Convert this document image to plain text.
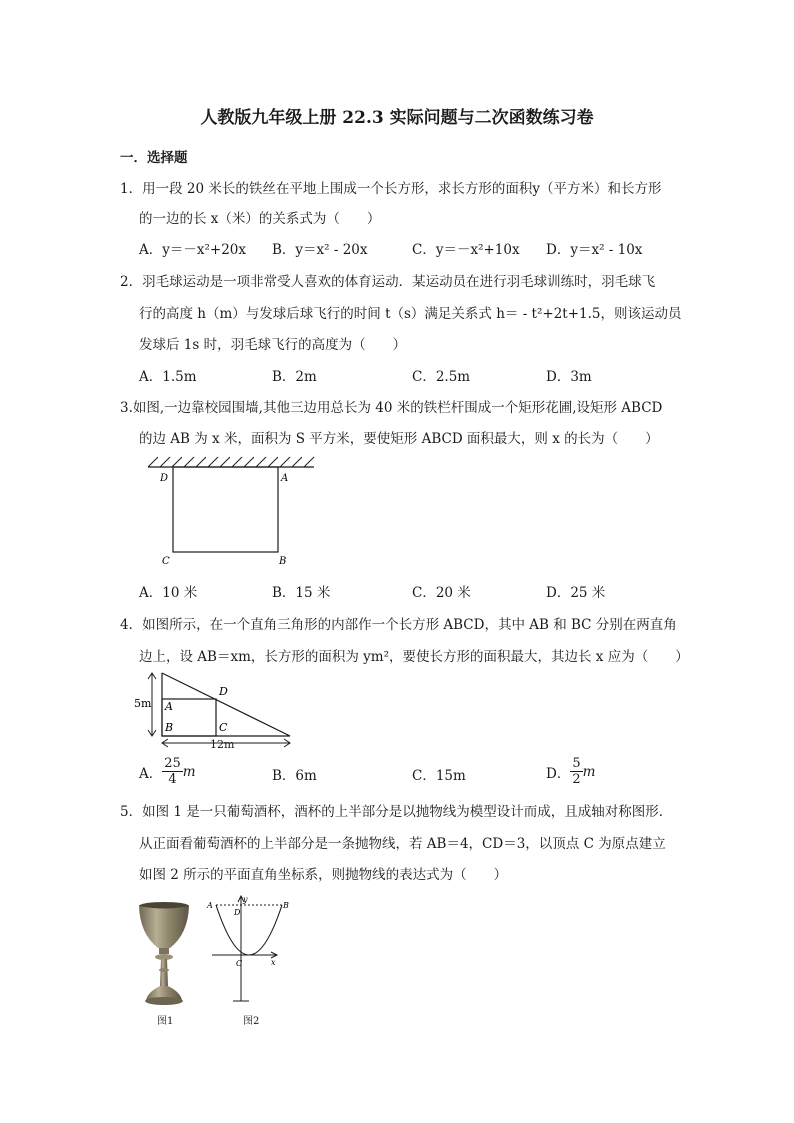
人教版九年级上册 22.3 实际问题与二次函数练习卷
一．选择题
1．用一段 20 米长的铁丝在平地上围成一个长方形，求长方形的面积y（平方米）和长方形
的一边的长 x（米）的关系式为（　　）
A．y＝－x²+20x B．y＝x² - 20x	C．y＝－x²+10x D．y＝x² - 10x
2．羽毛球运动是一项非常受人喜欢的体育运动．某运动员在进行羽毛球训练时，羽毛球飞
行的高度 h（m）与发球后球飞行的时间 t（s）满足关系式 h＝ - t²+2t+1.5，则该运动员
发球后 1s 时，羽毛球飞行的高度为（　　）
A．1.5m	B．2m	C．2.5m	D．3m
3.如图,一边靠校园围墙,其他三边用总长为 40 米的铁栏杆围成一个矩形花圃,设矩形 ABCD
的边 AB 为 x 米，面积为 S 平方米，要使矩形 ABCD 面积最大，则 x 的长为（　　）
D	A
C	B
A．10 米	B．15 米	C．20 米	D．25 米
4．如图所示，在一个直角三角形的内部作一个长方形 ABCD，其中 AB 和 BC 分别在两直角
边上，设 AB＝xm，长方形的面积为 ym²，要使长方形的面积最大，其边长 x 应为（　　）
5m
12m
A
B	C
D
A． $\frac{25}{4}$ m	B．6m	C．15m	D． $\frac{5}{2}$ m
5．如图 1 是一只葡萄酒杯，酒杯的上半部分是以抛物线为模型设计而成，且成轴对称图形．
从正面看葡萄酒杯的上半部分是一条抛物线，若 AB＝4，CD＝3，以顶点 C 为原点建立
如图 2 所示的平面直角坐标系，则抛物线的表达式为（　　）
图1
A	B
D
C	x
y
图2
